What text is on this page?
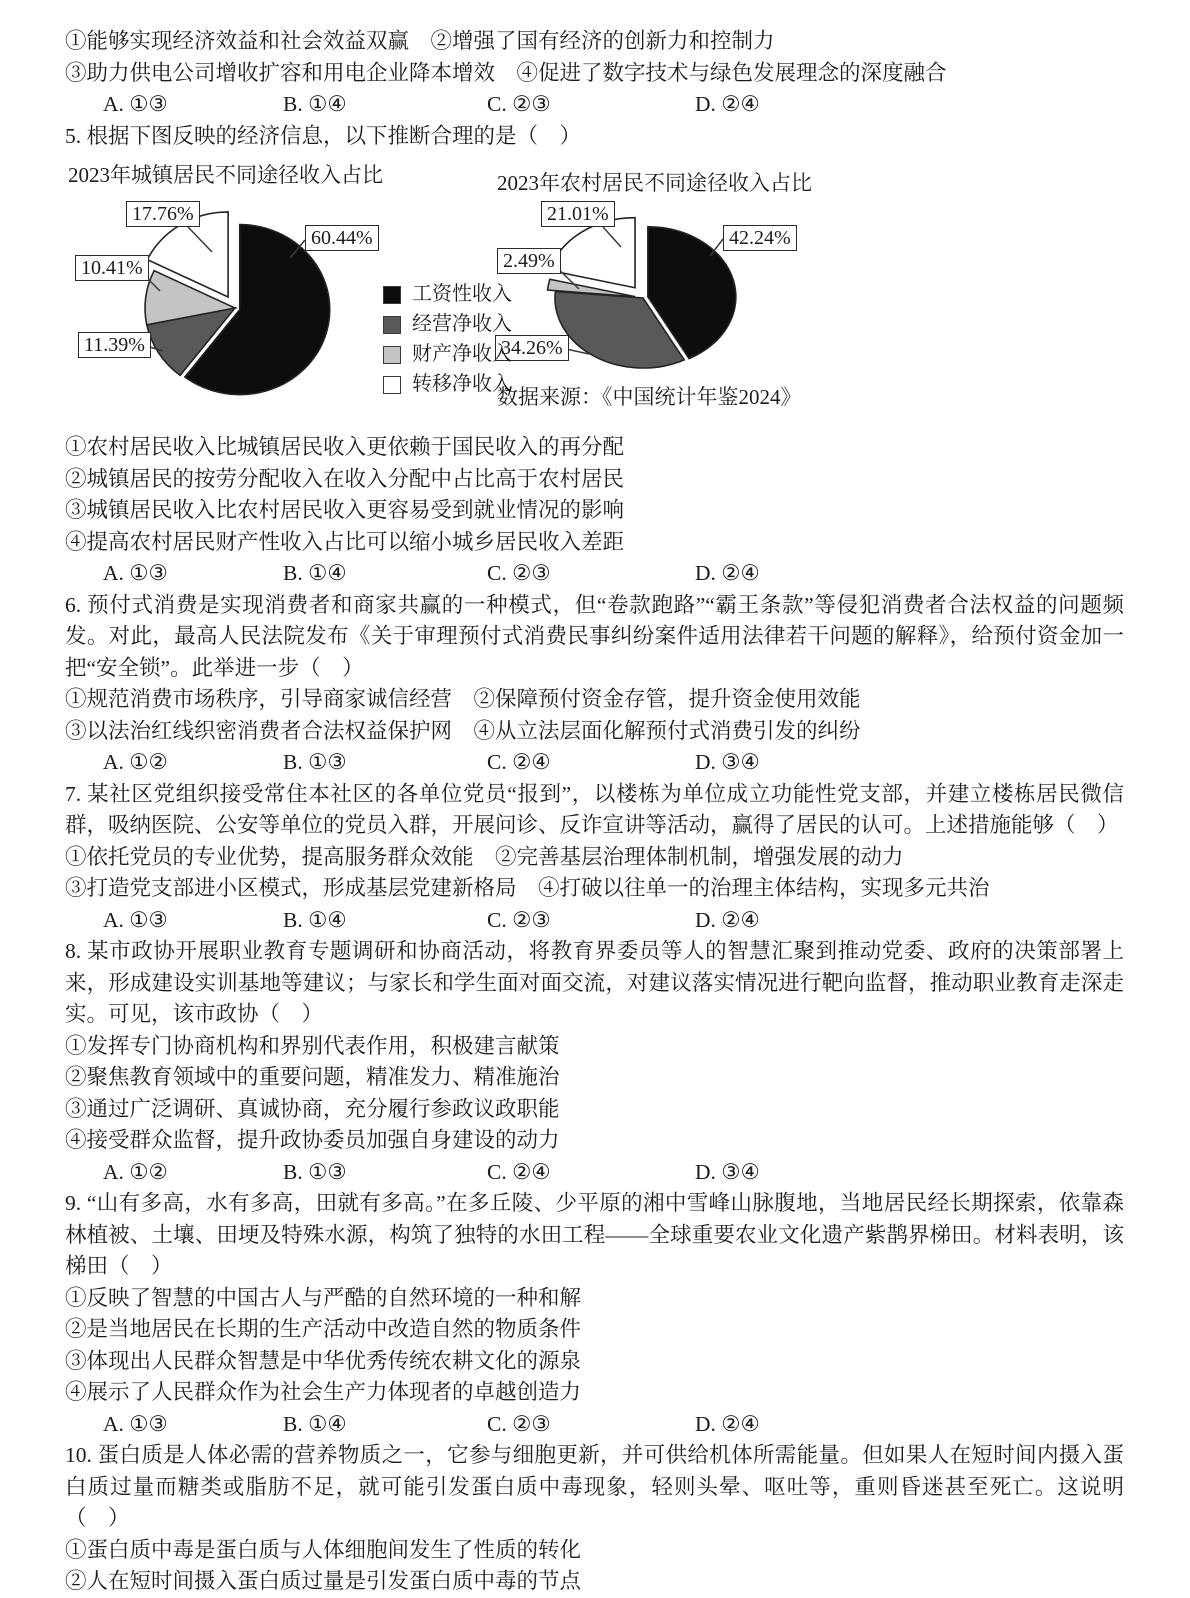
①能够实现经济效益和社会效益双赢　②增强了国有经济的创新力和控制力

③助力供电公司增收扩容和用电企业降本增效　④促进了数字技术与绿色发展理念的深度融合

A. ①③	B. ①④	C. ②③	D. ②④

5. 根据下图反映的经济信息，以下推断合理的是（　）

2023年城镇居民不同途径收入占比	2023年农村居民不同途径收入占比
17.76%
60.44%
10.41%
11.39%
21.01%
42.24%
2.49%
34.26%
工资性收入
经营净收入
财产净收入
转移净收入
数据来源：《中国统计年鉴2024》

①农村居民收入比城镇居民收入更依赖于国民收入的再分配

②城镇居民的按劳分配收入在收入分配中占比高于农村居民

③城镇居民收入比农村居民收入更容易受到就业情况的影响

④提高农村居民财产性收入占比可以缩小城乡居民收入差距

A. ①③	B. ①④	C. ②③	D. ②④

6. 预付式消费是实现消费者和商家共赢的一种模式，但“卷款跑路”“霸王条款”等侵犯消费者合法权益的问题频发。对此，最高人民法院发布《关于审理预付式消费民事纠纷案件适用法律若干问题的解释》，给预付资金加一把“安全锁”。此举进一步（　）

①规范消费市场秩序，引导商家诚信经营　②保障预付资金存管，提升资金使用效能

③以法治红线织密消费者合法权益保护网　④从立法层面化解预付式消费引发的纠纷

A. ①②	B. ①③	C. ②④	D. ③④

7. 某社区党组织接受常住本社区的各单位党员“报到”，以楼栋为单位成立功能性党支部，并建立楼栋居民微信群，吸纳医院、公安等单位的党员入群，开展问诊、反诈宣讲等活动，赢得了居民的认可。上述措施能够（　）

①依托党员的专业优势，提高服务群众效能　②完善基层治理体制机制，增强发展的动力

③打造党支部进小区模式，形成基层党建新格局　④打破以往单一的治理主体结构，实现多元共治

A. ①③	B. ①④	C. ②③	D. ②④

8. 某市政协开展职业教育专题调研和协商活动，将教育界委员等人的智慧汇聚到推动党委、政府的决策部署上来，形成建设实训基地等建议；与家长和学生面对面交流，对建议落实情况进行靶向监督，推动职业教育走深走实。可见，该市政协（　）

①发挥专门协商机构和界别代表作用，积极建言献策

②聚焦教育领域中的重要问题，精准发力、精准施治

③通过广泛调研、真诚协商，充分履行参政议政职能

④接受群众监督，提升政协委员加强自身建设的动力

A. ①②	B. ①③	C. ②④	D. ③④

9. “山有多高，水有多高，田就有多高。”在多丘陵、少平原的湘中雪峰山脉腹地，当地居民经长期探索，依靠森林植被、土壤、田埂及特殊水源，构筑了独特的水田工程——全球重要农业文化遗产紫鹊界梯田。材料表明，该梯田（　）

①反映了智慧的中国古人与严酷的自然环境的一种和解

②是当地居民在长期的生产活动中改造自然的物质条件

③体现出人民群众智慧是中华优秀传统农耕文化的源泉

④展示了人民群众作为社会生产力体现者的卓越创造力

A. ①③	B. ①④	C. ②③	D. ②④

10. 蛋白质是人体必需的营养物质之一，它参与细胞更新，并可供给机体所需能量。但如果人在短时间内摄入蛋白质过量而糖类或脂肪不足，就可能引发蛋白质中毒现象，轻则头晕、呕吐等，重则昏迷甚至死亡。这说明（　）

①蛋白质中毒是蛋白质与人体细胞间发生了性质的转化

②人在短时间摄入蛋白质过量是引发蛋白质中毒的节点
